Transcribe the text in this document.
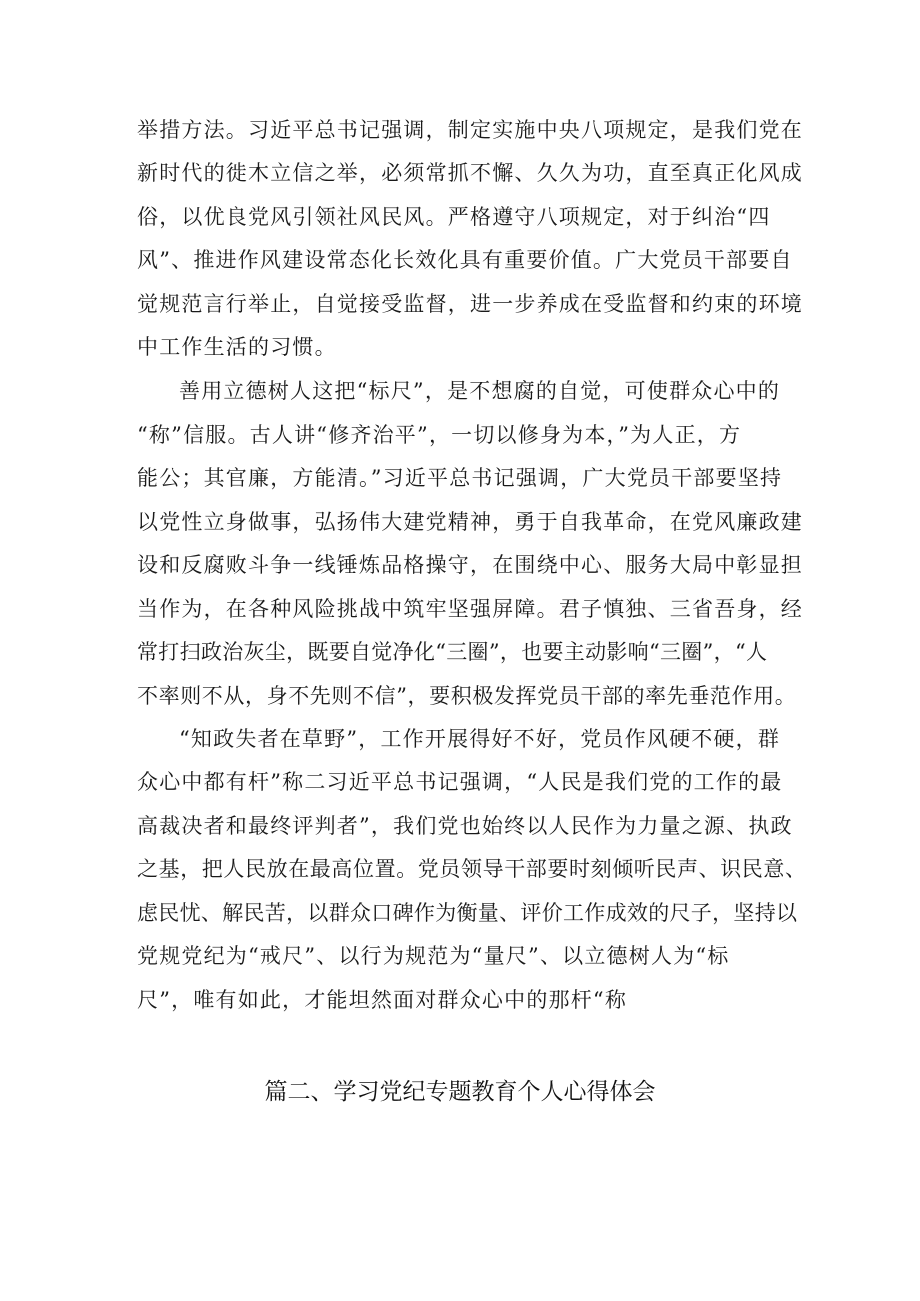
举措方法。习近平总书记强调，制定实施中央八项规定，是我们党在
新时代的徙木立信之举，必须常抓不懈、久久为功，直至真正化风成
俗，以优良党风引领社风民风。严格遵守八项规定，对于纠治“四
风”、推进作风建设常态化长效化具有重要价值。广大党员干部要自
觉规范言行举止，自觉接受监督，进一步养成在受监督和约束的环境
中工作生活的习惯。
善用立德树人这把“标尺”，是不想腐的自觉，可使群众心中的
“称”信服。古人讲“修齐治平”，一切以修身为本，”为人正，方
能公；其官廉，方能清。”习近平总书记强调，广大党员干部要坚持
以党性立身做事，弘扬伟大建党精神，勇于自我革命，在党风廉政建
设和反腐败斗争一线锤炼品格操守，在围绕中心、服务大局中彰显担
当作为，在各种风险挑战中筑牢坚强屏障。君子慎独、三省吾身，经
常打扫政治灰尘，既要自觉净化“三圈”，也要主动影响“三圈”，“人
不率则不从，身不先则不信”，要积极发挥党员干部的率先垂范作用。
“知政失者在草野”，工作开展得好不好，党员作风硬不硬，群
众心中都有杆”称二习近平总书记强调，“人民是我们党的工作的最
高裁决者和最终评判者”，我们党也始终以人民作为力量之源、执政
之基，把人民放在最高位置。党员领导干部要时刻倾听民声、识民意、
虑民忧、解民苦，以群众口碑作为衡量、评价工作成效的尺子，坚持以
党规党纪为“戒尺”、以行为规范为“量尺”、以立德树人为“标
尺”，唯有如此，才能坦然面对群众心中的那杆“称
篇二、学习党纪专题教育个人心得体会
